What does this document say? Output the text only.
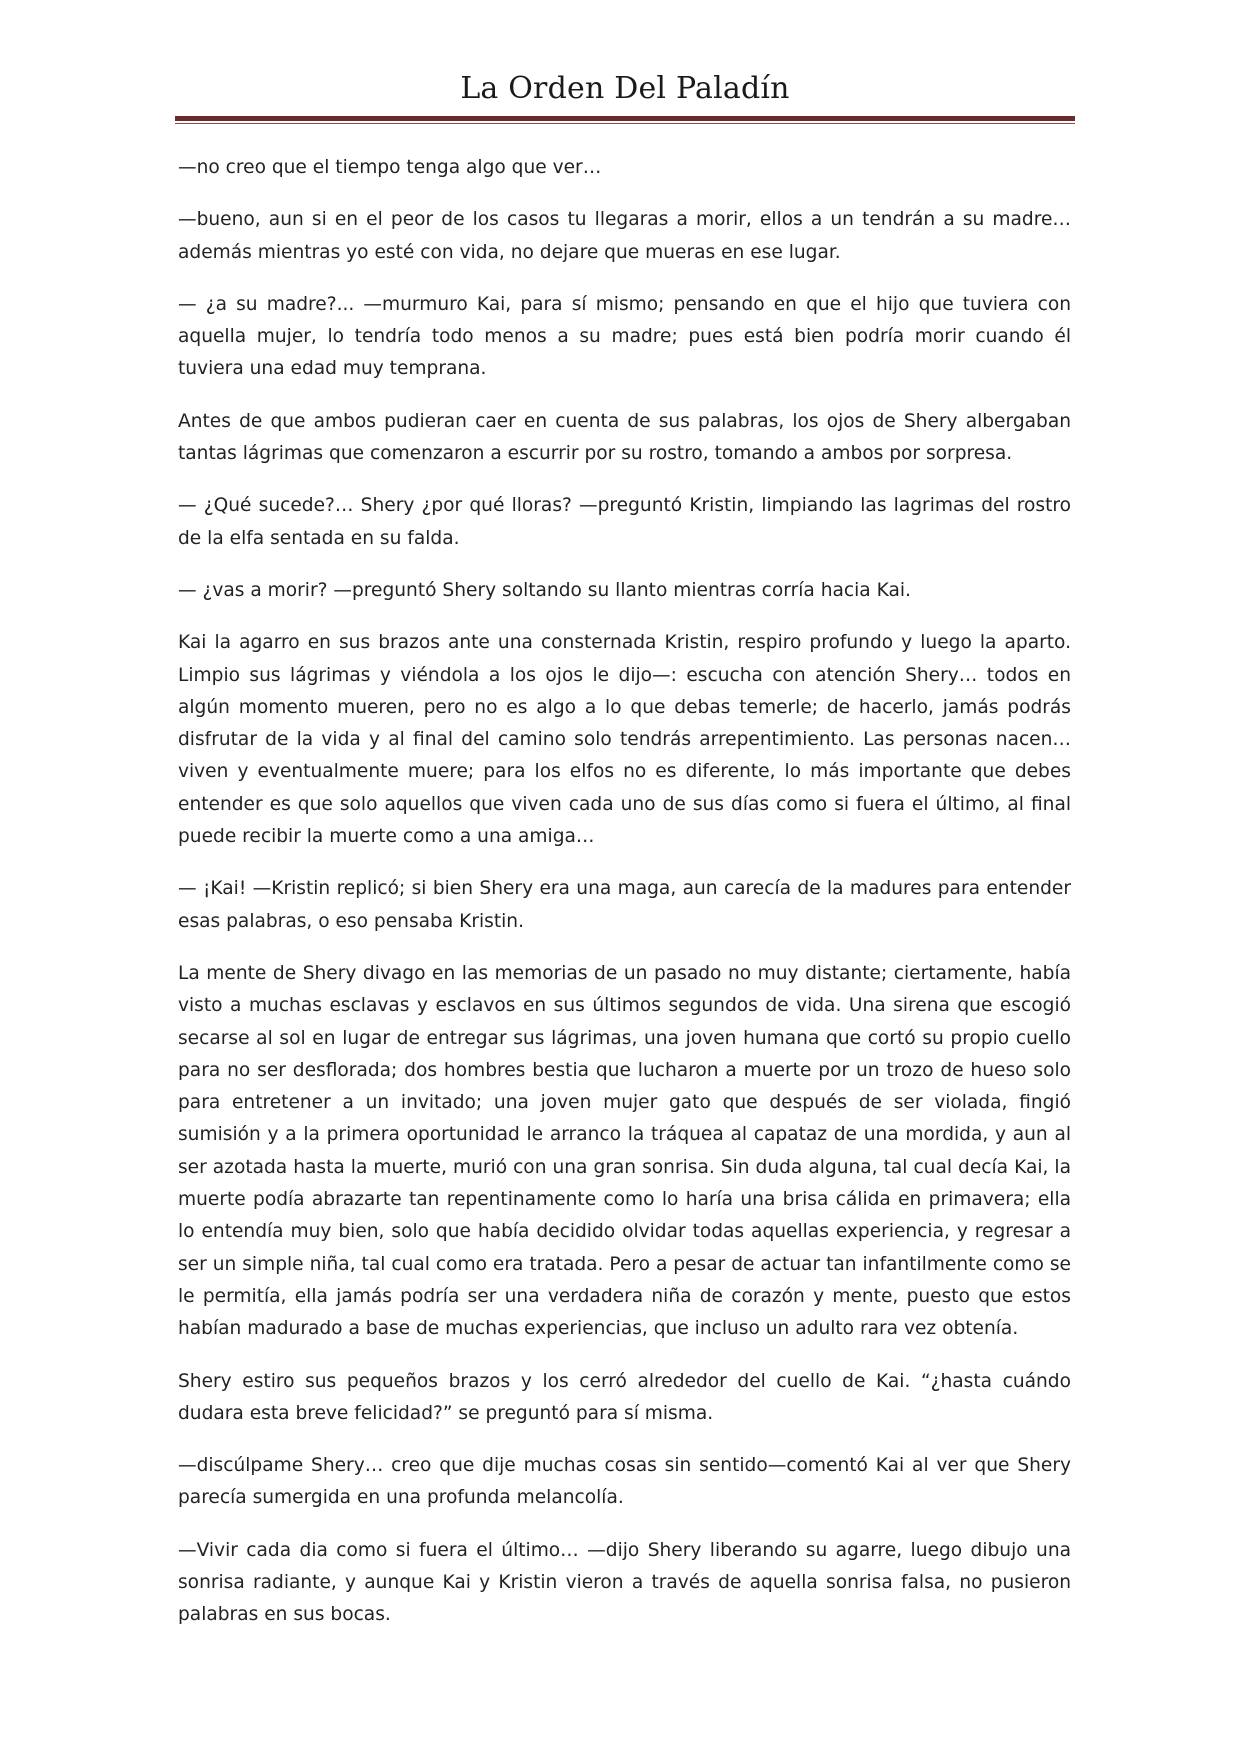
La Orden Del Paladín

—no creo que el tiempo tenga algo que ver…

—bueno, aun si en el peor de los casos tu llegaras a morir, ellos a un tendrán a su madre… además mientras yo esté con vida, no dejare que mueras en ese lugar.

— ¿a su madre?... —murmuro Kai, para sí mismo; pensando en que el hijo que tuviera con aquella mujer, lo tendría todo menos a su madre; pues está bien podría morir cuando él tuviera una edad muy temprana.

Antes de que ambos pudieran caer en cuenta de sus palabras, los ojos de Shery albergaban tantas lágrimas que comenzaron a escurrir por su rostro, tomando a ambos por sorpresa.

— ¿Qué sucede?… Shery ¿por qué lloras? —preguntó Kristin, limpiando las lagrimas del rostro de la elfa sentada en su falda.

— ¿vas a morir? —preguntó Shery soltando su llanto mientras corría hacia Kai.

Kai la agarro en sus brazos ante una consternada Kristin, respiro profundo y luego la aparto. Limpio sus lágrimas y viéndola a los ojos le dijo—: escucha con atención Shery… todos en algún momento mueren, pero no es algo a lo que debas temerle; de hacerlo, jamás podrás disfrutar de la vida y al final del camino solo tendrás arrepentimiento. Las personas nacen… viven y eventualmente muere; para los elfos no es diferente, lo más importante que debes entender es que solo aquellos que viven cada uno de sus días como si fuera el último, al final puede recibir la muerte como a una amiga…

— ¡Kai! —Kristin replicó; si bien Shery era una maga, aun carecía de la madures para entender esas palabras, o eso pensaba Kristin.

La mente de Shery divago en las memorias de un pasado no muy distante; ciertamente, había visto a muchas esclavas y esclavos en sus últimos segundos de vida. Una sirena que escogió secarse al sol en lugar de entregar sus lágrimas, una joven humana que cortó su propio cuello para no ser desflorada; dos hombres bestia que lucharon a muerte por un trozo de hueso solo para entretener a un invitado; una joven mujer gato que después de ser violada, fingió sumisión y a la primera oportunidad le arranco la tráquea al capataz de una mordida, y aun al ser azotada hasta la muerte, murió con una gran sonrisa. Sin duda alguna, tal cual decía Kai, la muerte podía abrazarte tan repentinamente como lo haría una brisa cálida en primavera; ella lo entendía muy bien, solo que había decidido olvidar todas aquellas experiencia, y regresar a ser un simple niña, tal cual como era tratada. Pero a pesar de actuar tan infantilmente como se le permitía, ella jamás podría ser una verdadera niña de corazón y mente, puesto que estos habían madurado a base de muchas experiencias, que incluso un adulto rara vez obtenía.

Shery estiro sus pequeños brazos y los cerró alrededor del cuello de Kai. “¿hasta cuándo dudara esta breve felicidad?” se preguntó para sí misma.

—discúlpame Shery… creo que dije muchas cosas sin sentido—comentó Kai al ver que Shery parecía sumergida en una profunda melancolía.

—Vivir cada dia como si fuera el último… —dijo Shery liberando su agarre, luego dibujo una sonrisa radiante, y aunque Kai y Kristin vieron a través de aquella sonrisa falsa, no pusieron palabras en sus bocas.
